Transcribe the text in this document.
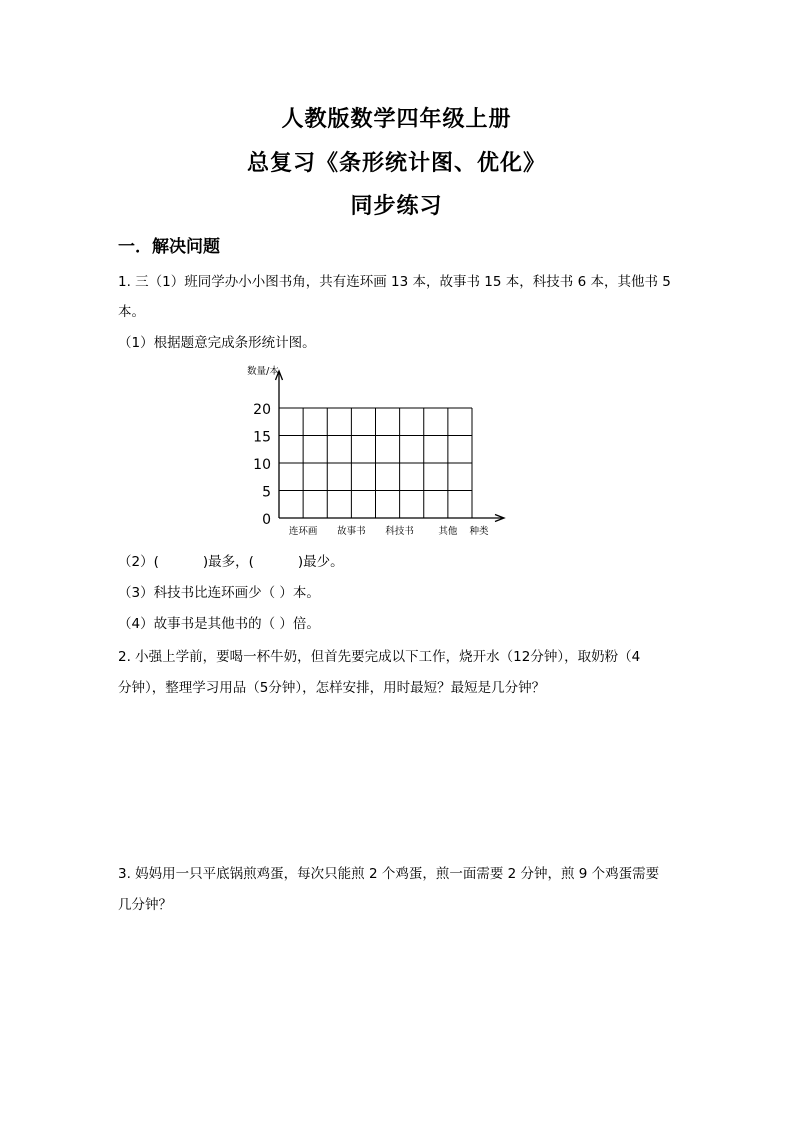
人教版数学四年级上册
总复习《条形统计图、优化》
同步练习
一．解决问题
1. 三（1）班同学办小小图书角，共有连环画 13 本，故事书 15 本，科技书 6 本，其他书 5
本。
（1）根据题意完成条形统计图。
0
5
10
15
20
数量/本
连环画 故事书 科技书	其他 种类
（2）(	)最多，(	)最少。
（3）科技书比连环画少（ ）本。
（4）故事书是其他书的（ ）倍。
2. 小强上学前，要喝一杯牛奶，但首先要完成以下工作，烧开水（12分钟），取奶粉（4
分钟），整理学习用品（5分钟），怎样安排，用时最短？最短是几分钟？
3. 妈妈用一只平底锅煎鸡蛋，每次只能煎 2 个鸡蛋，煎一面需要 2 分钟，煎 9 个鸡蛋需要
几分钟？
